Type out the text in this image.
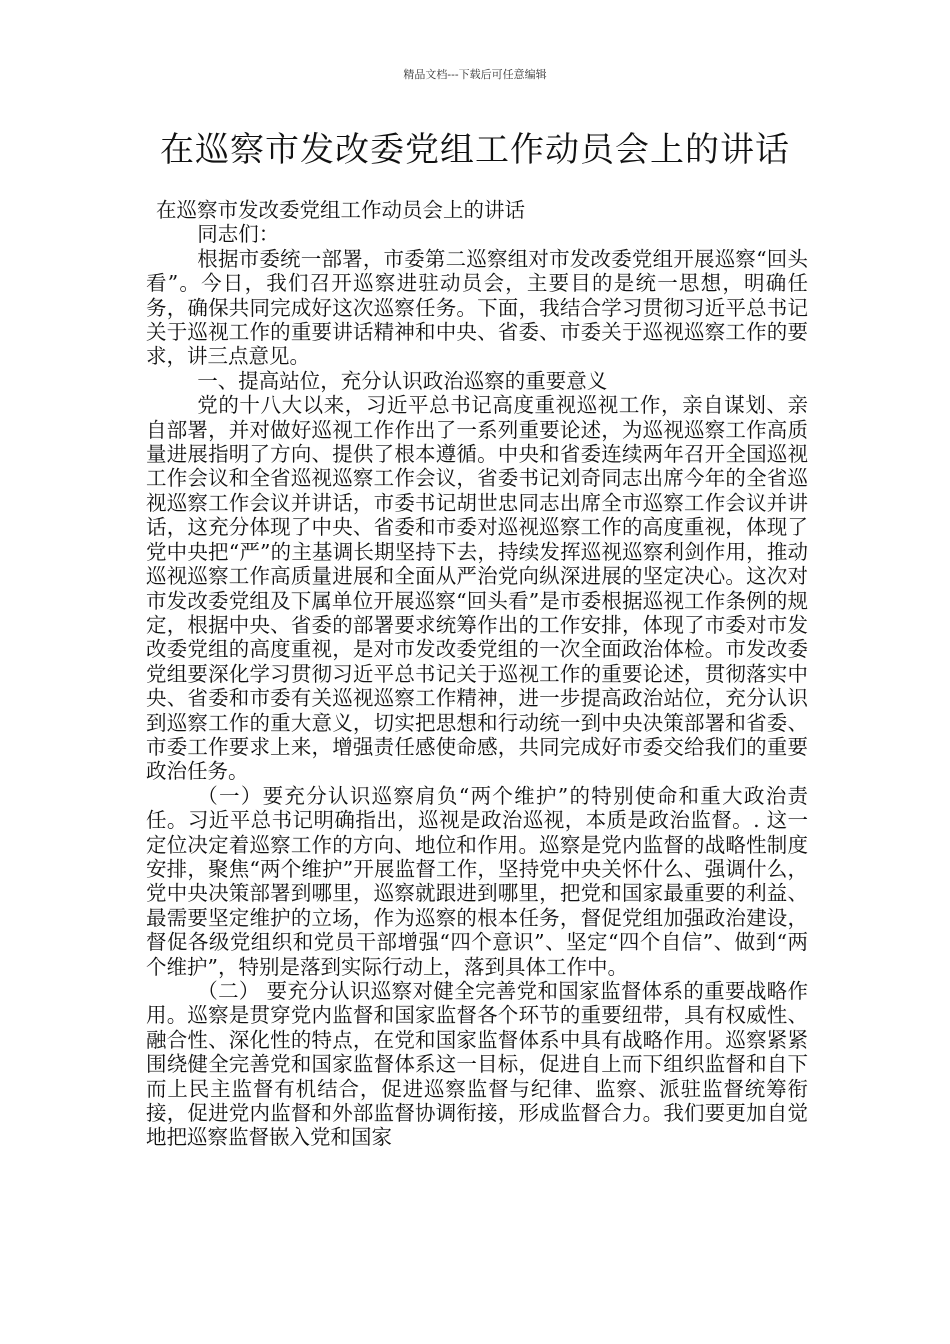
精品文档---下载后可任意编辑
在巡察市发改委党组工作动员会上的讲话

在巡察市发改委党组工作动员会上的讲话

同志们：

根据市委统一部署，市委第二巡察组对市发改委党组开展巡察“回头看”。今日，我们召开巡察进驻动员会，主要目的是统一思想，明确任务，确保共同完成好这次巡察任务。下面，我结合学习贯彻习近平总书记关于巡视工作的重要讲话精神和中央、省委、市委关于巡视巡察工作的要求，讲三点意见。

一、提高站位，充分认识政治巡察的重要意义

党的十八大以来，习近平总书记高度重视巡视工作，亲自谋划、亲自部署，并对做好巡视工作作出了一系列重要论述，为巡视巡察工作高质量进展指明了方向、提供了根本遵循。中央和省委连续两年召开全国巡视工作会议和全省巡视巡察工作会议，省委书记刘奇同志出席今年的全省巡视巡察工作会议并讲话，市委书记胡世忠同志出席全市巡察工作会议并讲话，这充分体现了中央、省委和市委对巡视巡察工作的高度重视，体现了党中央把“严”的主基调长期坚持下去，持续发挥巡视巡察利剑作用，推动巡视巡察工作高质量进展和全面从严治党向纵深进展的坚定决心。这次对市发改委党组及下属单位开展巡察“回头看”是市委根据巡视工作条例的规定，根据中央、省委的部署要求统筹作出的工作安排，体现了市委对市发改委党组的高度重视，是对市发改委党组的一次全面政治体检。市发改委党组要深化学习贯彻习近平总书记关于巡视工作的重要论述，贯彻落实中央、省委和市委有关巡视巡察工作精神，进一步提高政治站位，充分认识到巡察工作的重大意义，切实把思想和行动统一到中央决策部署和省委、市委工作要求上来，增强责任感使命感，共同完成好市委交给我们的重要政治任务。

（一）要充分认识巡察肩负“两个维护”的特别使命和重大政治责任。习近平总书记明确指出，巡视是政治巡视，本质是政治监督。. 这一定位决定着巡察工作的方向、地位和作用。巡察是党内监督的战略性制度安排，聚焦“两个维护”开展监督工作，坚持党中央关怀什么、强调什么，党中央决策部署到哪里，巡察就跟进到哪里，把党和国家最重要的利益、最需要坚定维护的立场，作为巡察的根本任务，督促党组加强政治建设，督促各级党组织和党员干部增强“四个意识”、坚定“四个自信”、做到“两个维护”，特别是落到实际行动上，落到具体工作中。

（二） 要充分认识巡察对健全完善党和国家监督体系的重要战略作用。巡察是贯穿党内监督和国家监督各个环节的重要纽带，具有权威性、融合性、深化性的特点，在党和国家监督体系中具有战略作用。巡察紧紧围绕健全完善党和国家监督体系这一目标，促进自上而下组织监督和自下而上民主监督有机结合，促进巡察监督与纪律、监察、派驻监督统筹衔接，促进党内监督和外部监督协调衔接，形成监督合力。我们要更加自觉地把巡察监督嵌入党和国家
